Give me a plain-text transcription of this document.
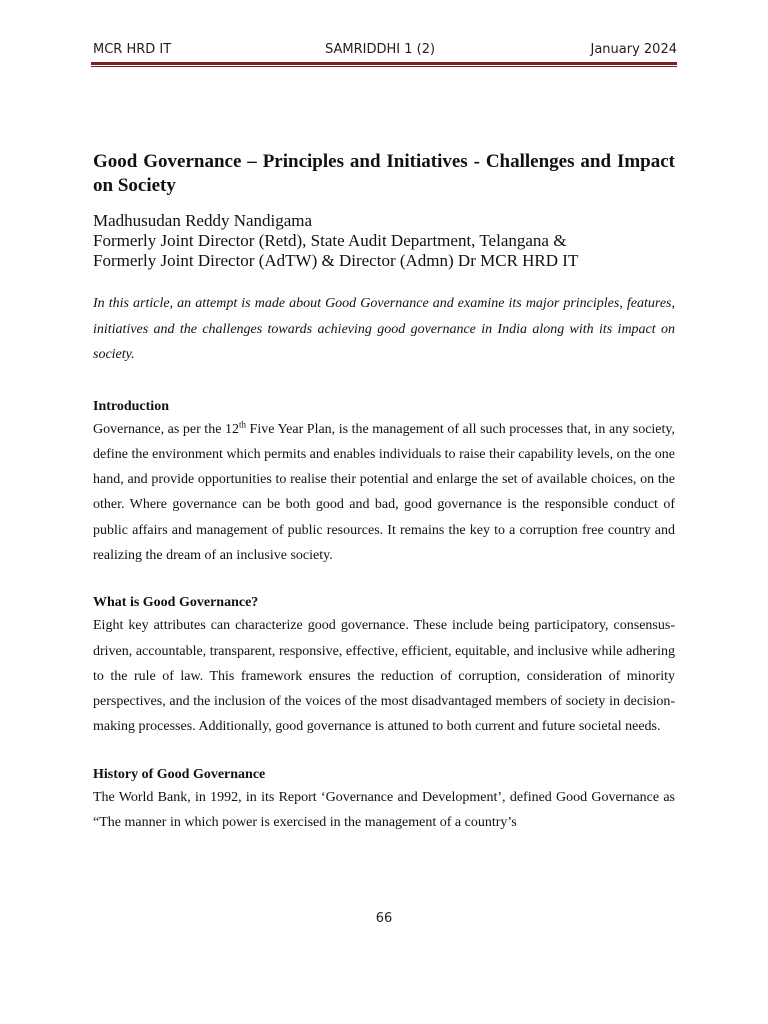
MCR HRD IT	SAMRIDDHI 1 (2)	January 2024
Good Governance – Principles and Initiatives - Challenges and Impact on Society

Madhusudan Reddy Nandigama

Formerly Joint Director (Retd), State Audit Department, Telangana &

Formerly Joint Director (AdTW) & Director (Admn) Dr MCR HRD IT

In this article, an attempt is made about Good Governance and examine its major principles, features, initiatives and the challenges towards achieving good governance in India along with its impact on society.

Introduction

Governance, as per the 12th Five Year Plan, is the management of all such processes that, in any society, define the environment which permits and enables individuals to raise their capability levels, on the one hand, and provide opportunities to realise their potential and enlarge the set of available choices, on the other. Where governance can be both good and bad, good governance is the responsible conduct of public affairs and management of public resources. It remains the key to a corruption free country and realizing the dream of an inclusive society.

What is Good Governance?

Eight key attributes can characterize good governance. These include being participatory, consensus-driven, accountable, transparent, responsive, effective, efficient, equitable, and inclusive while adhering to the rule of law. This framework ensures the reduction of corruption, consideration of minority perspectives, and the inclusion of the voices of the most disadvantaged members of society in decision-making processes. Additionally, good governance is attuned to both current and future societal needs.

History of Good Governance

The World Bank, in 1992, in its Report ‘Governance and Development’, defined Good Governance as “The manner in which power is exercised in the management of a country’s

66
